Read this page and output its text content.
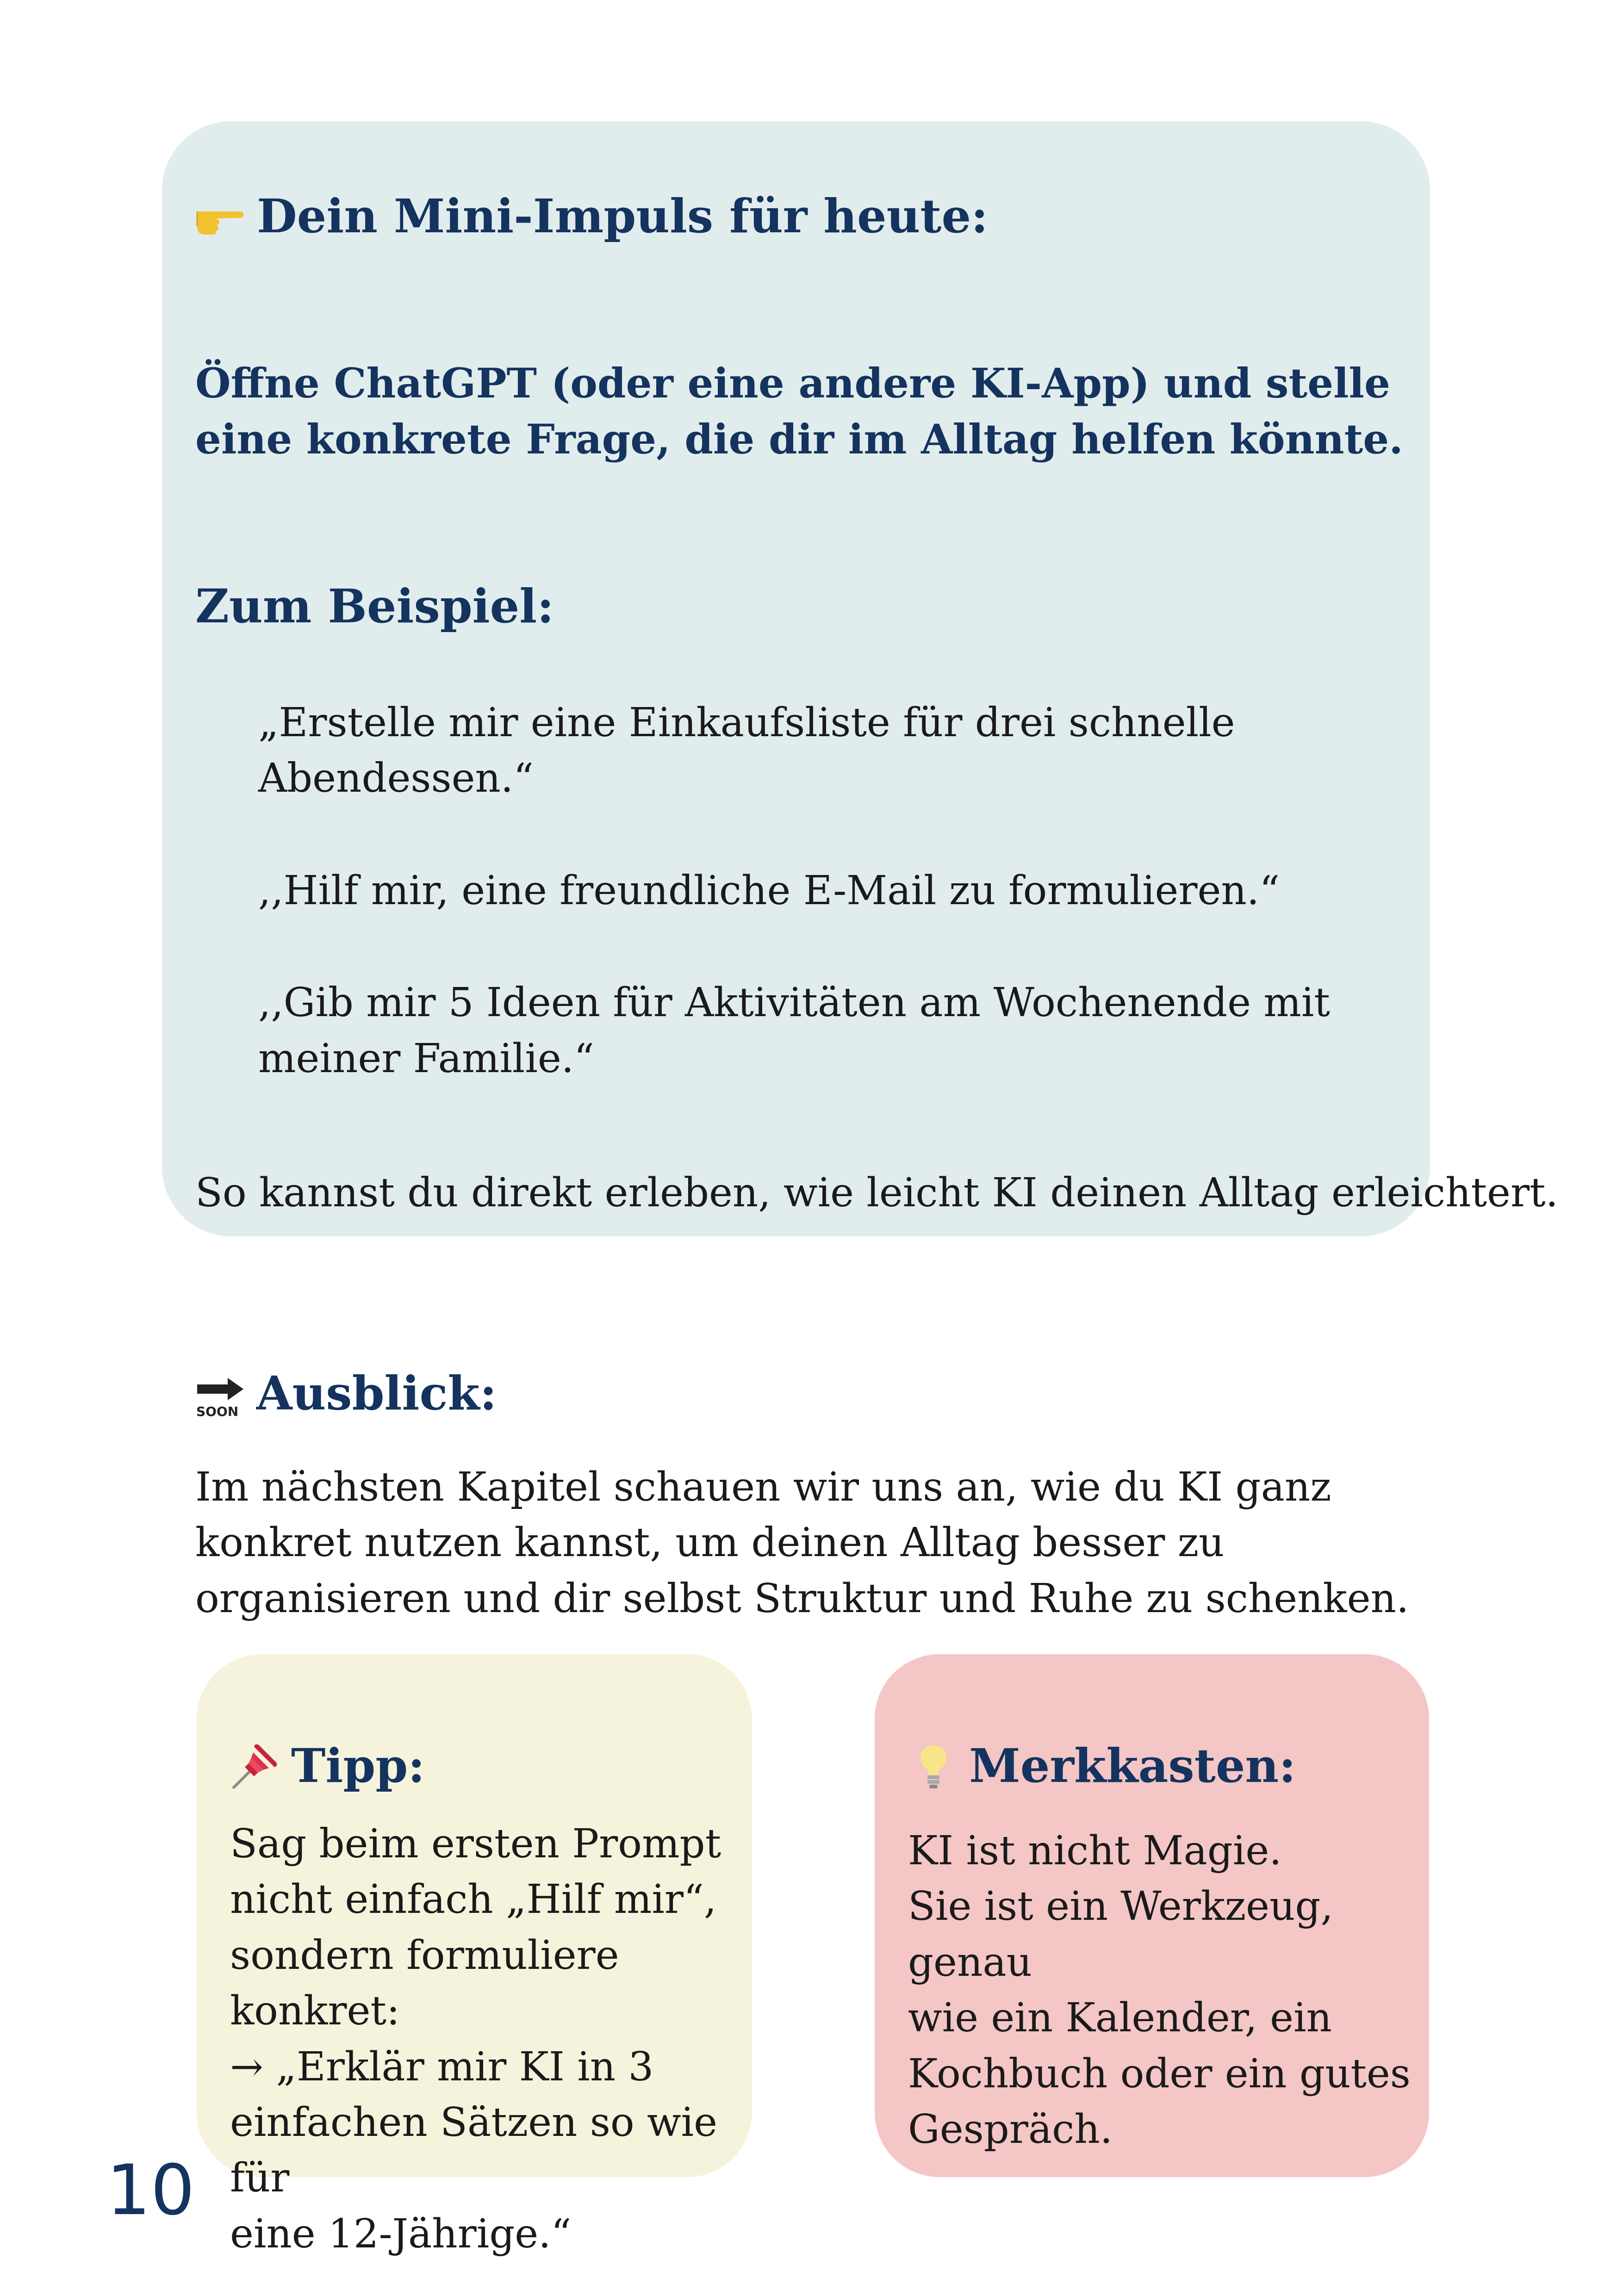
Dein Mini-Impuls für heute:

Öffne ChatGPT (oder eine andere KI-App) und stelle eine konkrete Frage, die dir im Alltag helfen könnte.

Zum Beispiel:
„Erstelle mir eine Einkaufsliste für drei schnelle Abendessen.“
,,Hilf mir, eine freundliche E-Mail zu formulieren.“
,,Gib mir 5 Ideen für Aktivitäten am Wochenende mit meiner Familie.“

So kannst du direkt erleben, wie leicht KI deinen Alltag erleichtert.

SOON Ausblick:

Im nächsten Kapitel schauen wir uns an, wie du KI ganz konkret nutzen kannst, um deinen Alltag besser zu organisieren und dir selbst Struktur und Ruhe zu schenken.

Tipp:

Sag beim ersten Prompt
nicht einfach „Hilf mir“,
sondern formuliere konkret:
→ „Erklär mir KI in 3
einfachen Sätzen so wie für
eine 12-Jährige.“

Merkkasten:

KI ist nicht Magie.
Sie ist ein Werkzeug, genau
wie ein Kalender, ein
Kochbuch oder ein gutes
Gespräch.

10
